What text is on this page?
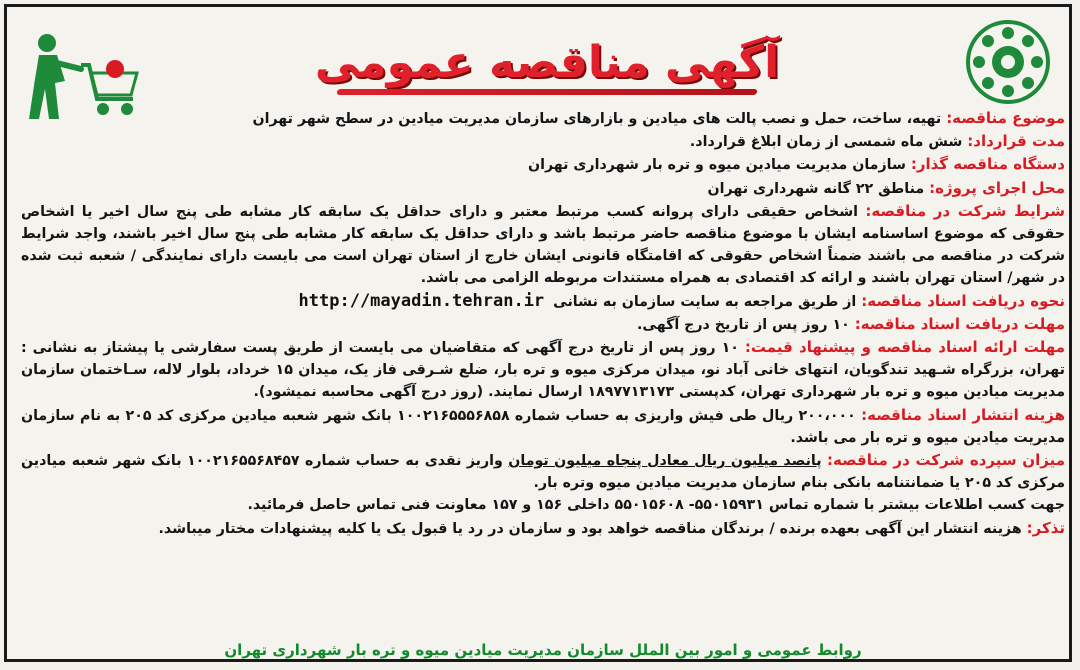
آگهی مناقصه عمومی
موضوع مناقصه: تهیه، ساخت، حمل و نصب پالت های میادین و بازارهای سازمان مدیریت میادین در سطح شهر تهران
مدت قرارداد: شش ماه شمسی از زمان ابلاغ قرارداد.
دستگاه مناقصه گذار: سازمان مدیریت میادین میوه و تره بار شهرداری تهران
محل اجرای پروژه: مناطق ۲۲ گانه شهرداری تهران
شرایط شرکت در مناقصه: اشخاص حقیقی دارای پروانه کسب مرتبط معتبر و دارای حداقل یک سابقه کار مشابه طی پنج سال اخیر یا اشخاص حقوقی که موضوع اساسنامه ایشان با موضوع مناقصه حاضر مرتبط باشد و دارای حداقل یک سابقه کار مشابه طی پنج سال اخیر باشند، واجد شرایط شرکت در مناقصه می باشند ضمناً اشخاص حقوقی که اقامتگاه قانونی ایشان خارج از استان تهران است می بایست دارای نمایندگی / شعبه ثبت شده در شهر/ استان تهران باشند و ارائه کد اقتصادی به همراه مستندات مربوطه الزامی می باشد.
نحوه دریافت اسناد مناقصه: از طریق مراجعه به سایت سازمان به نشانی http://mayadin.tehran.ir
مهلت دریافت اسناد مناقصه: ۱۰ روز پس از تاریخ درج آگهی.
مهلت ارائه اسناد مناقصه و پیشنهاد قیمت: ۱۰ روز پس از تاریخ درج آگهی که متقاضیان می بایست از طریق پست سفارشی یا پیشتاز به نشانی : تهران، بزرگراه شـهید تندگویان، انتهای خانی آباد نو، میدان مرکزی میوه و تره بار، ضلع شـرقی فاز یک، میدان ۱۵ خرداد، بلوار لاله، سـاختمان سازمان مدیریت میادین میوه و تره بار شهرداری تهران، کدپستی ۱۸۹۷۷۱۳۱۷۳ ارسال نمایند. (روز درج آگهی محاسبه نمیشود).
هزینه انتشار اسناد مناقصه: ۲۰۰،۰۰۰ ریال طی فیش واریزی به حساب شماره ۱۰۰۲۱۶۵۵۵۶۸۵۸ بانک شهر شعبه میادین مرکزی کد ۲۰۵ به نام سازمان مدیریت میادین میوه و تره بار می باشد.
میزان سپرده شرکت در مناقصه: پانصد میلیون ریال معادل پنجاه میلیون تومان واریز نقدی به حساب شماره ۱۰۰۲۱۶۵۵۶۸۴۵۷ بانک شهر شعبه میادین مرکزی کد ۲۰۵ یا ضمانتنامه بانکی بنام سازمان مدیریت میادین میوه وتره بار.
جهت کسب اطلاعات بیشتر با شماره تماس ۵۵۰۱۵۹۳۱- ۵۵۰۱۵۶۰۸ داخلی ۱۵۶ و ۱۵۷ معاونت فنی تماس حاصل فرمائید.
تذکر: هزینه انتشار این آگهی بعهده برنده / برندگان مناقصه خواهد بود و سازمان در رد یا قبول یک یا کلیه پیشنهادات مختار میباشد.
روابط عمومی و امور بین الملل سازمان مدیریت میادین میوه و تره بار شهرداری تهران
